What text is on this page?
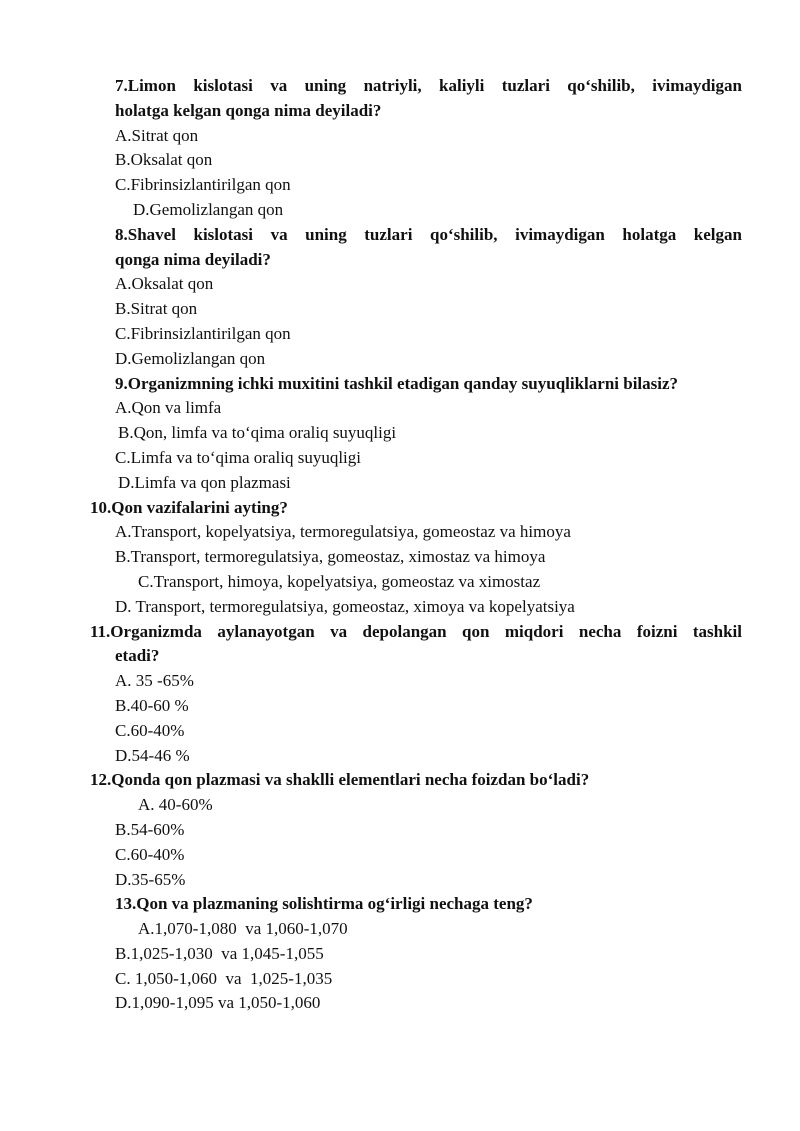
7.Limon kislotasi va uning natriyli, kaliyli tuzlari qo‘shilib, ivimaydigan
holatga kelgan qonga nima deyiladi?
A.Sitrat qon
B.Oksalat qon
C.Fibrinsizlantirilgan qon
D.Gemolizlangan qon
8.Shavel kislotasi va uning tuzlari qo‘shilib, ivimaydigan holatga kelgan
qonga nima deyiladi?
A.Oksalat qon
B.Sitrat qon
C.Fibrinsizlantirilgan qon
D.Gemolizlangan qon
9.Organizmning ichki muxitini tashkil etadigan qanday suyuqliklarni bilasiz?
A.Qon va limfa
B.Qon, limfa va to‘qima oraliq suyuqligi
C.Limfa va to‘qima oraliq suyuqligi
D.Limfa va qon plazmasi
10.Qon vazifalarini ayting?
A.Transport, kopelyatsiya, termoregulatsiya, gomeostaz va himoya
B.Transport, termoregulatsiya, gomeostaz, ximostaz va himoya
C.Transport, himoya, kopelyatsiya, gomeostaz va ximostaz
D. Transport, termoregulatsiya, gomeostaz, ximoya va kopelyatsiya
11.Organizmda aylanayotgan va depolangan qon miqdori necha foizni tashkil
etadi?
A. 35 -65%
B.40-60 %
C.60-40%
D.54-46 %
12.Qonda qon plazmasi va shaklli elementlari necha foizdan bo‘ladi?
A. 40-60%
B.54-60%
C.60-40%
D.35-65%
13.Qon va plazmaning solishtirma og‘irligi nechaga teng?
A.1,070-1,080  va 1,060-1,070
B.1,025-1,030  va 1,045-1,055
C. 1,050-1,060  va  1,025-1,035
D.1,090-1,095 va 1,050-1,060
